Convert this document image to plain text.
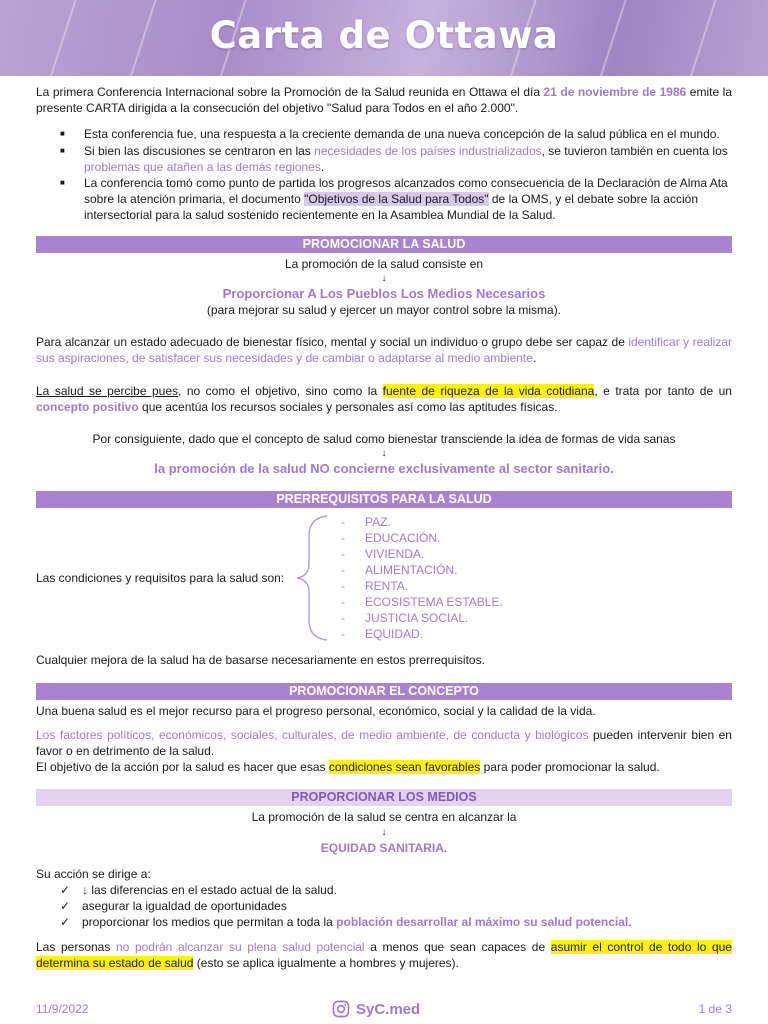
Carta de Ottawa

La primera Conferencia Internacional sobre la Promoción de la Salud reunida en Ottawa el día 21 de noviembre de 1986 emite la presente CARTA dirigida a la consecución del objetivo "Salud para Todos en el año 2.000".

■ Esta conferencia fue, una respuesta a la creciente demanda de una nueva concepción de la salud pública en el mundo.
■ Si bien las discusiones se centraron en las necesidades de los países industrializados, se tuvieron también en cuenta los problemas que atañen a las demás regiones.
■ La conferencia tomó como punto de partida los progresos alcanzados como consecuencia de la Declaración de Alma Ata sobre la atención primaria, el documento "Objetivos de la Salud para Todos" de la OMS, y el debate sobre la acción intersectorial para la salud sostenido recientemente en la Asamblea Mundial de la Salud.
PROMOCIONAR LA SALUD
La promoción de la salud consiste en
↓
Proporcionar A Los Pueblos Los Medios Necesarios
(para mejorar su salud y ejercer un mayor control sobre la misma).

Para alcanzar un estado adecuado de bienestar físico, mental y social un individuo o grupo debe ser capaz de identificar y realizar sus aspiraciones, de satisfacer sus necesidades y de cambiar o adaptarse al medio ambiente.

La salud se percibe pues, no como el objetivo, sino como la fuente de riqueza de la vida cotidiana, e trata por tanto de un concepto positivo que acentúa los recursos sociales y personales así como las aptitudes físicas.

Por consiguiente, dado que el concepto de salud como bienestar transciende la idea de formas de vida sanas
↓
la promoción de la salud NO concierne exclusivamente al sector sanitario.
PRERREQUISITOS PARA LA SALUD
Las condiciones y requisitos para la salud son:
- PAZ.
- EDUCACIÓN.
- VIVIENDA.
- ALIMENTACIÓN.
- RENTA.
- ECOSISTEMA ESTABLE.
- JUSTICIA SOCIAL.
- EQUIDAD.

Cualquier mejora de la salud ha de basarse necesariamente en estos prerrequisitos.

PROMOCIONAR EL CONCEPTO

Una buena salud es el mejor recurso para el progreso personal, económico, social y la calidad de la vida.

Los factores políticos, económicos, sociales, culturales, de medio ambiente, de conducta y biológicos pueden intervenir bien en favor o en detrimento de la salud.

El objetivo de la acción por la salud es hacer que esas condiciones sean favorables para poder promocionar la salud.

PROPORCIONAR LOS MEDIOS
La promoción de la salud se centra en alcanzar la
↓
EQUIDAD SANITARIA.

Su acción se dirige a:

✓ ↓ las diferencias en el estado actual de la salud.
✓ asegurar la igualdad de oportunidades
✓ proporcionar los medios que permitan a toda la población desarrollar al máximo su salud potencial.

Las personas no podrán alcanzar su plena salud potencial a menos que sean capaces de asumir el control de todo lo que determina su estado de salud (esto se aplica igualmente a hombres y mujeres).

11/9/2022	SyC.med	1 de 3
